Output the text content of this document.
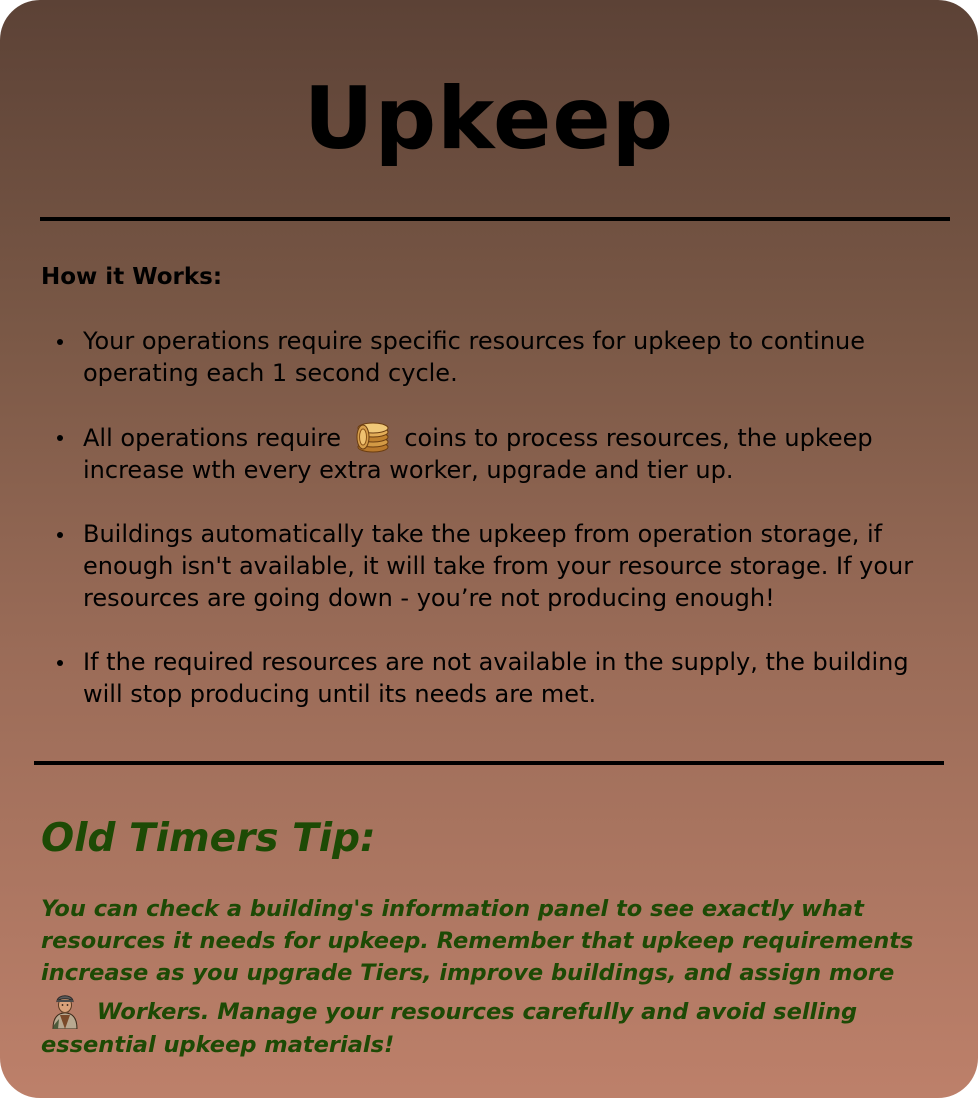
Upkeep
How it Works:
Your operations require specific resources for upkeep to continue operating each 1 second cycle.
All operations require	coins to process resources, the upkeep increase wth every extra worker, upgrade and tier up.
Buildings automatically take the upkeep from operation storage, if enough isn't available, it will take from your resource storage. If your resources are going down - you’re not producing enough!
If the required resources are not available in the supply, the building will stop producing until its needs are met.
Old Timers Tip:
You can check a building's information panel to see exactly what resources it needs for upkeep. Remember that upkeep requirements increase as you upgrade Tiers, improve buildings, and assign more  Workers. Manage your resources carefully and avoid selling essential upkeep materials!
